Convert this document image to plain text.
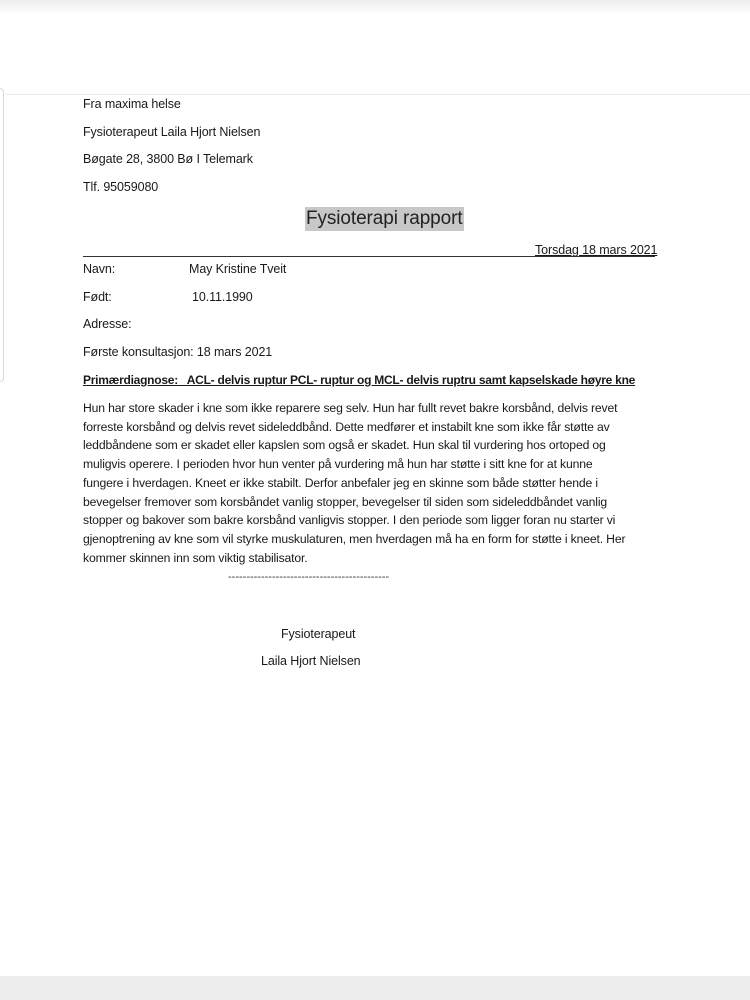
Fra maxima helse
Fysioterapeut Laila Hjort Nielsen
Bøgate 28, 3800 Bø I Telemark
Tlf. 95059080
Fysioterapi rapport
Torsdag 18 mars 2021
Navn:	May Kristine Tveit
Født:	10.11.1990
Adresse:
Første konsultasjon: 18 mars 2021
Primærdiagnose: ACL- delvis ruptur PCL- ruptur og MCL- delvis ruptru samt kapselskade høyre kne
Hun har store skader i kne som ikke reparere seg selv. Hun har fullt revet bakre korsbånd, delvis revet
forreste korsbånd og delvis revet sideleddbånd. Dette medfører et instabilt kne som ikke får støtte av
leddbåndene som er skadet eller kapslen som også er skadet. Hun skal til vurdering hos ortoped og
muligvis operere. I perioden hvor hun venter på vurdering må hun har støtte i sitt kne for at kunne
fungere i hverdagen. Kneet er ikke stabilt. Derfor anbefaler jeg en skinne som både støtter hende i
bevegelser fremover som korsbåndet vanlig stopper, bevegelser til siden som sideleddbåndet vanlig
stopper og bakover som bakre korsbånd vanligvis stopper. I den periode som ligger foran nu starter vi
gjenoptrening av kne som vil styrke muskulaturen, men hverdagen må ha en form for støtte i kneet. Her
kommer skinnen inn som viktig stabilisator.
--------------------------------------------
Fysioterapeut
Laila Hjort Nielsen
